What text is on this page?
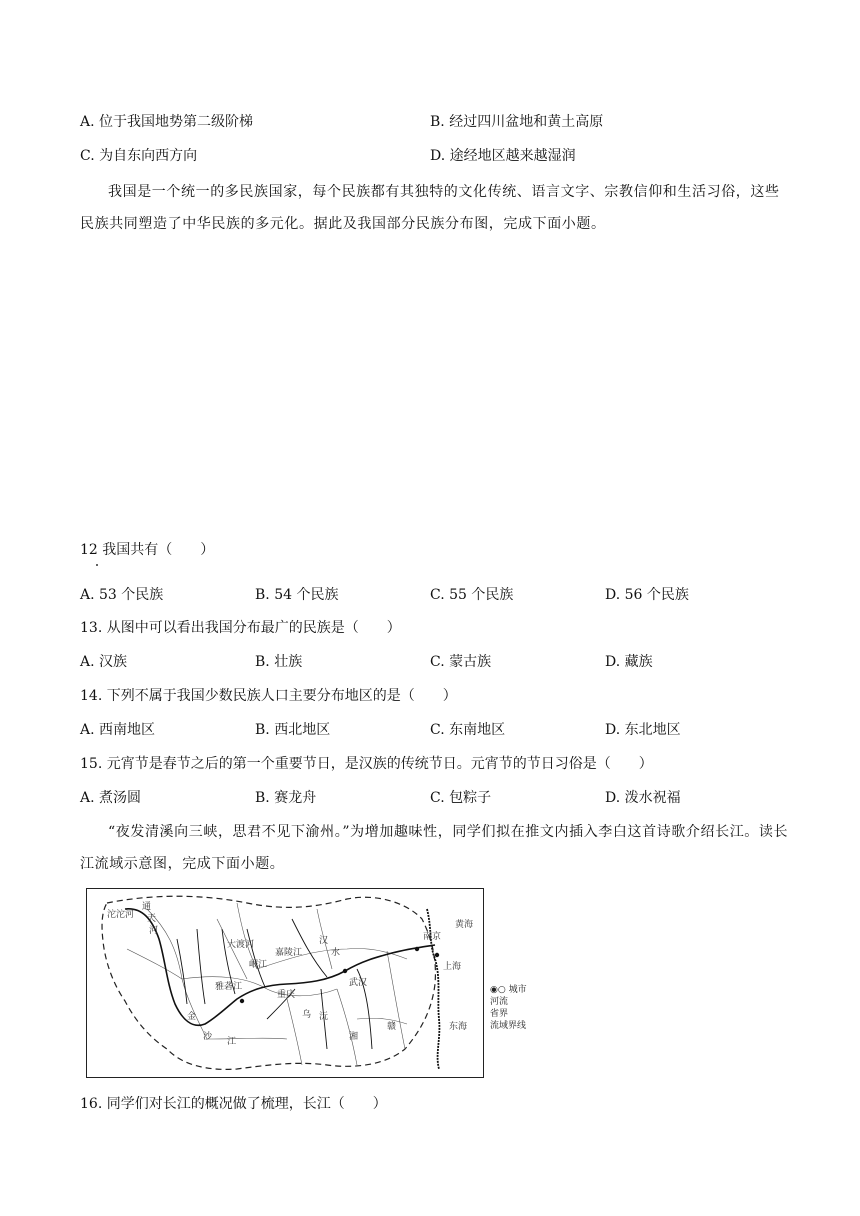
A. 位于我国地势第二级阶梯	B. 经过四川盆地和黄土高原
C. 为自东向西方向	D. 途经地区越来越湿润
我国是一个统一的多民族国家，每个民族都有其独特的文化传统、语言文字、宗教信仰和生活习俗，这些民族共同塑造了中华民族的多元化。据此及我国部分民族分布图，完成下面小题。
12 我国共有（　　）
A. 53 个民族	B. 54 个民族	C. 55 个民族	D. 56 个民族
13. 从图中可以看出我国分布最广的民族是（　　）
A. 汉族	B. 壮族	C. 蒙古族	D. 藏族
14. 下列不属于我国少数民族人口主要分布地区的是（　　）
A. 西南地区	B. 西北地区	C. 东南地区	D. 东北地区
15. 元宵节是春节之后的第一个重要节日，是汉族的传统节日。元宵节的节日习俗是（　　）
A. 煮汤圆	B. 赛龙舟	C. 包粽子	D. 泼水祝福
“夜发清溪向三峡，思君不见下渝州。”为增加趣味性，同学们拟在推文内插入李白这首诗歌介绍长江。读长江流域示意图，完成下面小题。
沱沱河
通
天
河
黄海
大渡河
岷江
嘉陵江
汉
水
重庆
武汉
南京
上海
雅砻江
金
沙 江
乌 沅
湘
赣	东海
◉○ 城市
河流
省界
流域界线
16. 同学们对长江的概况做了梳理，长江（　　）
